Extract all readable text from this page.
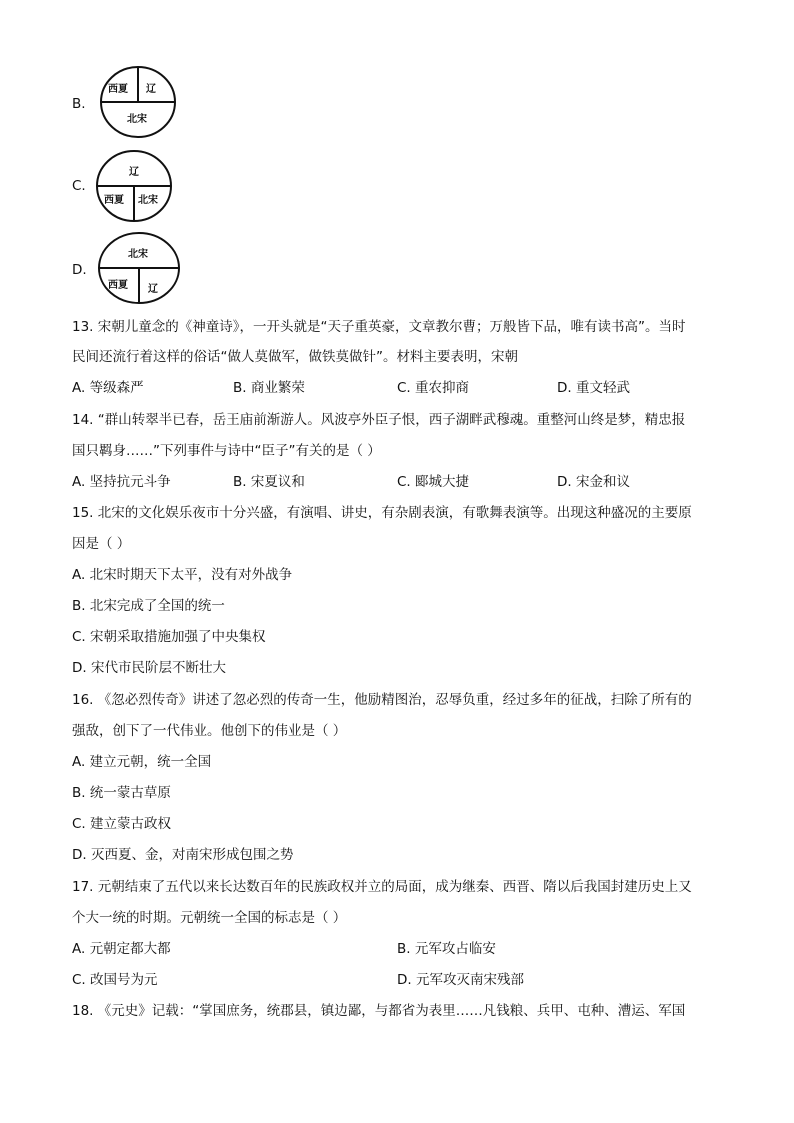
B.
西夏 辽
北宋
C.
辽
西夏 北宋
D.
北宋
西夏 辽
13. 宋朝儿童念的《神童诗》，一开头就是“天子重英豪，文章教尔曹；万般皆下品，唯有读书高”。当时
民间还流行着这样的俗话“做人莫做军，做铁莫做针”。材料主要表明，宋朝
A. 等级森严	B. 商业繁荣	C. 重农抑商	D. 重文轻武
14. “群山转翠半已春，岳王庙前渐游人。风波亭外臣子恨，西子湖畔武穆魂。重整河山终是梦，精忠报
国只羁身……”下列事件与诗中“臣子”有关的是（ ）
A. 坚持抗元斗争	B. 宋夏议和	C. 郾城大捷	D. 宋金和议
15. 北宋的文化娱乐夜市十分兴盛，有演唱、讲史，有杂剧表演，有歌舞表演等。出现这种盛况的主要原
因是（ ）
A. 北宋时期天下太平，没有对外战争
B. 北宋完成了全国的统一
C. 宋朝采取措施加强了中央集权
D. 宋代市民阶层不断壮大
16. 《忽必烈传奇》讲述了忽必烈的传奇一生，他励精图治，忍辱负重，经过多年的征战，扫除了所有的
强敌，创下了一代伟业。他创下的伟业是（ ）
A. 建立元朝，统一全国
B. 统一蒙古草原
C. 建立蒙古政权
D. 灭西夏、金，对南宋形成包围之势
17. 元朝结束了五代以来长达数百年的民族政权并立的局面，成为继秦、西晋、隋以后我国封建历史上又
个大一统的时期。元朝统一全国的标志是（ ）
A. 元朝定都大都	B. 元军攻占临安
C. 改国号为元	D. 元军攻灭南宋残部
18. 《元史》记载：“掌国庶务，统郡县，镇边鄙，与都省为表里……凡钱粮、兵甲、屯种、漕运、军国
